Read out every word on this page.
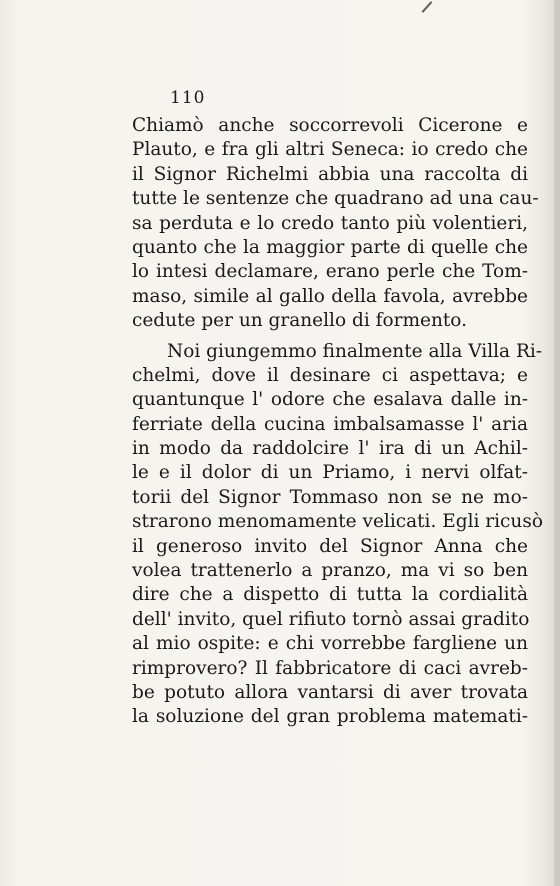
110
Chiamò anche soccorrevoli Cicerone e
Plauto, e fra gli altri Seneca: io credo che
il Signor Richelmi abbia una raccolta di
tutte le sentenze che quadrano ad una cau-
sa perduta e lo credo tanto più volentieri,
quanto che la maggior parte di quelle che
lo intesi declamare, erano perle che Tom-
maso, simile al gallo della favola, avrebbe
cedute per un granello di formento.
Noi giungemmo finalmente alla Villa Ri-
chelmi, dove il desinare ci aspettava; e
quantunque l' odore che esalava dalle in-
ferriate della cucina imbalsamasse l' aria
in modo da raddolcire l' ira di un Achil-
le e il dolor di un Priamo, i nervi olfat-
torii del Signor Tommaso non se ne mo-
strarono menomamente velicati. Egli ricusò
il generoso invito del Signor Anna che
volea trattenerlo a pranzo, ma vi so ben
dire che a dispetto di tutta la cordialità
dell' invito, quel rifiuto tornò assai gradito
al mio ospite: e chi vorrebbe fargliene un
rimprovero? Il fabbricatore di caci avreb-
be potuto allora vantarsi di aver trovata
la soluzione del gran problema matemati-
